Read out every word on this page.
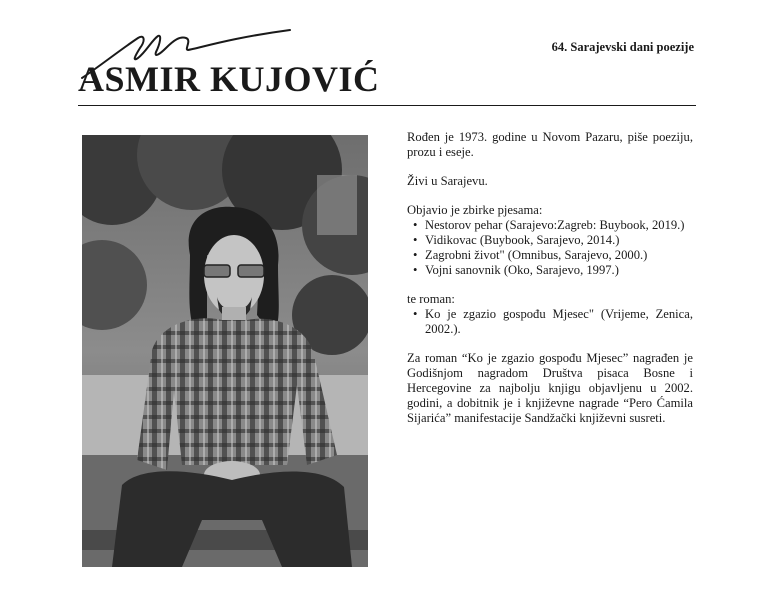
ASMIR KUJOVIĆ
64. Sarajevski dani poezije

Rođen je 1973. godine u Novom Pazaru, piše poeziju, prozu i eseje.

Živi u Sarajevu.

Objavio je zbirke pjesama:

• Nestorov pehar (Sarajevo:Zagreb: Buybook, 2019.)
• Vidikovac (Buybook, Sarajevo, 2014.)
• Zagrobni život" (Omnibus, Sarajevo, 2000.)
• Vojni sanovnik (Oko, Sarajevo, 1997.)

te roman:

• Ko je zgazio gospođu Mjesec" (Vrijeme, Zenica, 2002.).

Za roman “Ko je zgazio gospođu Mjesec” nagrađen je Godišnjom nagradom Društva pisaca Bosne i Hercegovine za najbolju knjigu objavljenu u 2002. godini, a dobitnik je i književne nagrade “Pero Ćamila Sijarića” manifestacije Sandžački književni susreti.
